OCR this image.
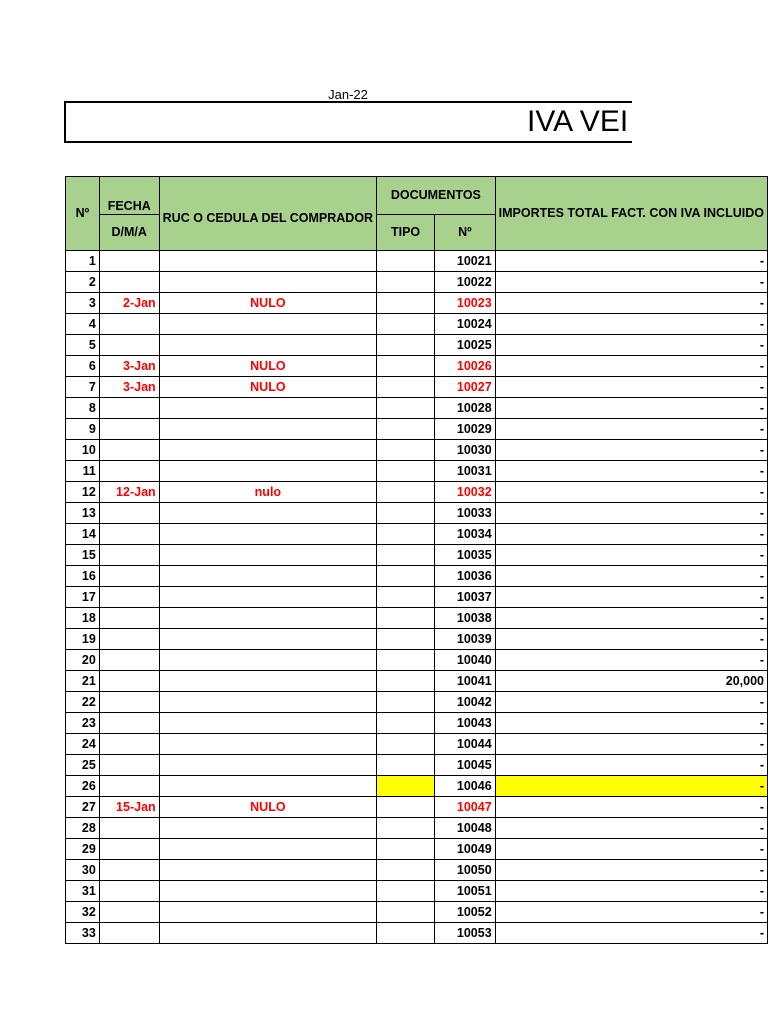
Jan-22
IVA VEI
Nº	FECHA	RUC O CEDULA DEL COMPRADOR	DOCUMENTOS		IMPORTES TOTAL FACT. CON IVA INCLUIDO
	D/M/A		TIPO	Nº	
1				10021	-
2				10022	-
3	2-Jan	NULO		10023	-
4				10024	-
5				10025	-
6	3-Jan	NULO		10026	-
7	3-Jan	NULO		10027	-
8				10028	-
9				10029	-
10				10030	-
11				10031	-
12	12-Jan	nulo		10032	-
13				10033	-
14				10034	-
15				10035	-
16				10036	-
17				10037	-
18				10038	-
19				10039	-
20				10040	-
21				10041	20,000
22				10042	-
23				10043	-
24				10044	-
25				10045	-
26				10046	-
27	15-Jan	NULO		10047	-
28				10048	-
29				10049	-
30				10050	-
31				10051	-
32				10052	-
33				10053	-
